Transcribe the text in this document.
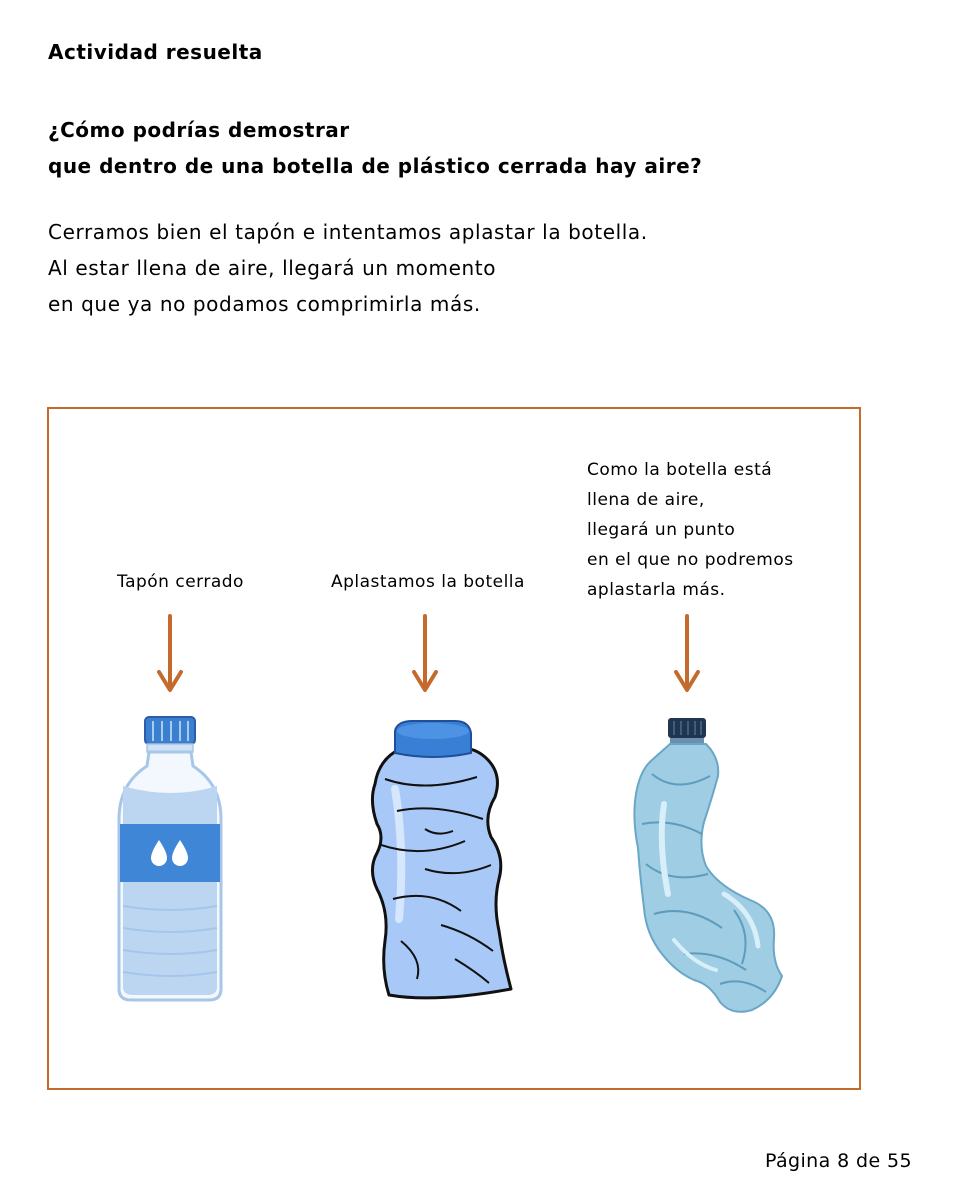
Actividad resuelta
¿Cómo podrías demostrar
que dentro de una botella de plástico cerrada hay aire?
Cerramos bien el tapón e intentamos aplastar la botella.
Al estar llena de aire, llegará un momento
en que ya no podamos comprimirla más.
Tapón cerrado	Aplastamos la botella
Como la botella está
llena de aire,
llegará un punto
en el que no podremos
aplastarla más.
Página 8 de 55
